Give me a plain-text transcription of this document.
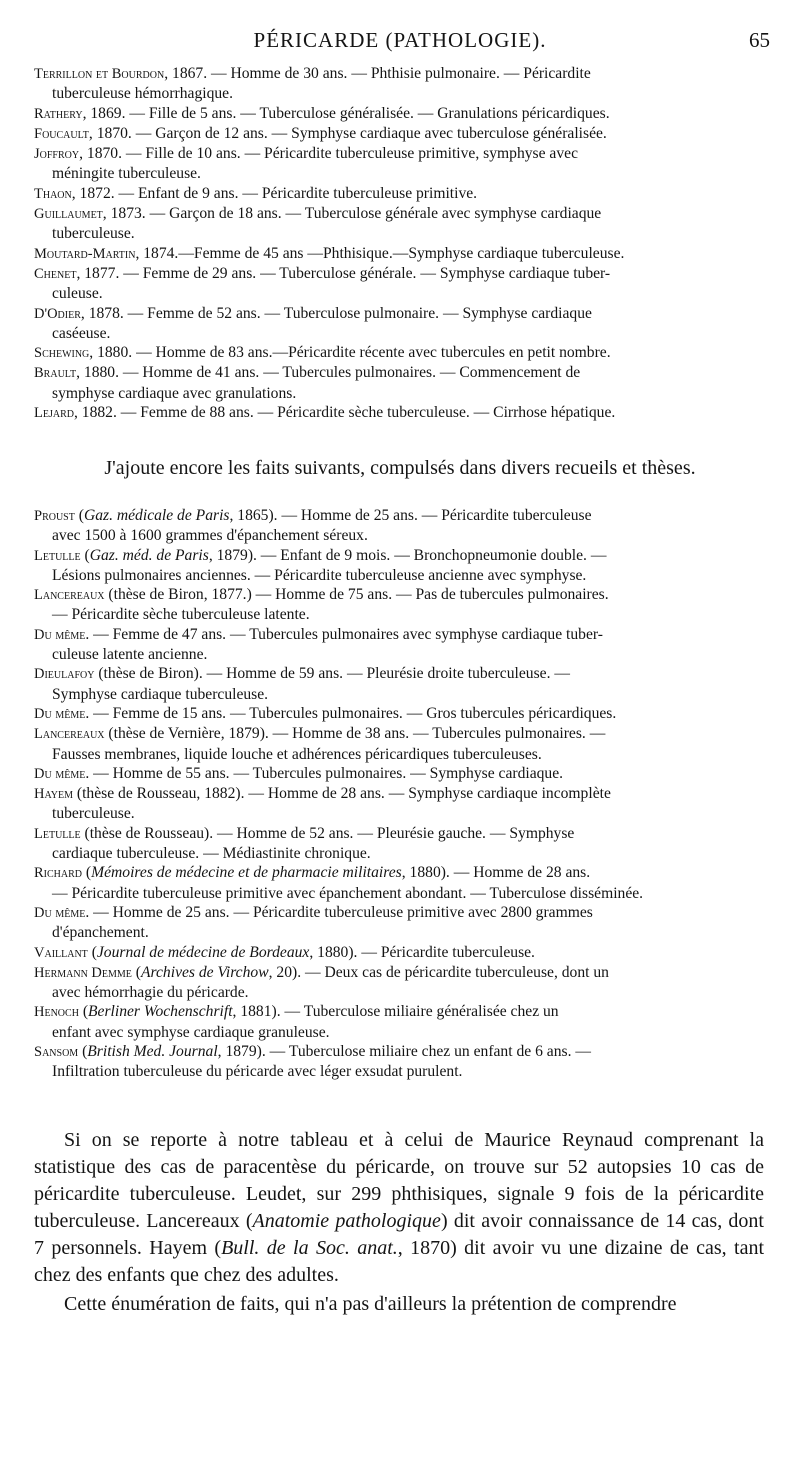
PÉRICARDE (PATHOLOGIE).	65
Terrillon et Bourdon, 1867. — Homme de 30 ans. — Phthisie pulmonaire. — Péricardite
tuberculeuse hémorrhagique.
Rathery, 1869. — Fille de 5 ans. — Tuberculose généralisée. — Granulations péricardiques.
Foucault, 1870. — Garçon de 12 ans. — Symphyse cardiaque avec tuberculose généralisée.
Joffroy, 1870. — Fille de 10 ans. — Péricardite tuberculeuse primitive, symphyse avec
méningite tuberculeuse.
Thaon, 1872. — Enfant de 9 ans. — Péricardite tuberculeuse primitive.
Guillaumet, 1873. — Garçon de 18 ans. — Tuberculose générale avec symphyse cardiaque
tuberculeuse.
Moutard-Martin, 1874.—Femme de 45 ans —Phthisique.—Symphyse cardiaque tuberculeuse.
Chenet, 1877. — Femme de 29 ans. — Tuberculose générale. — Symphyse cardiaque tuber-
culeuse.
D'Odier, 1878. — Femme de 52 ans. — Tuberculose pulmonaire. — Symphyse cardiaque
caséeuse.
Schewing, 1880. — Homme de 83 ans.—Péricardite récente avec tubercules en petit nombre.
Brault, 1880. — Homme de 41 ans. — Tubercules pulmonaires. — Commencement de
symphyse cardiaque avec granulations.
Lejard, 1882. — Femme de 88 ans. — Péricardite sèche tuberculeuse. — Cirrhose hépatique.
J'ajoute encore les faits suivants, compulsés dans divers recueils et thèses.
Proust (Gaz. médicale de Paris, 1865). — Homme de 25 ans. — Péricardite tuberculeuse
avec 1500 à 1600 grammes d'épanchement séreux.
Letulle (Gaz. méd. de Paris, 1879). — Enfant de 9 mois. — Bronchopneumonie double. —
Lésions pulmonaires anciennes. — Péricardite tuberculeuse ancienne avec symphyse.
Lancereaux (thèse de Biron, 1877.) — Homme de 75 ans. — Pas de tubercules pulmonaires.
— Péricardite sèche tuberculeuse latente.
Du même. — Femme de 47 ans. — Tubercules pulmonaires avec symphyse cardiaque tuber-
culeuse latente ancienne.
Dieulafoy (thèse de Biron). — Homme de 59 ans. — Pleurésie droite tuberculeuse. —
Symphyse cardiaque tuberculeuse.
Du même. — Femme de 15 ans. — Tubercules pulmonaires. — Gros tubercules péricardiques.
Lancereaux (thèse de Vernière, 1879). — Homme de 38 ans. — Tubercules pulmonaires. —
Fausses membranes, liquide louche et adhérences péricardiques tuberculeuses.
Du même. — Homme de 55 ans. — Tubercules pulmonaires. — Symphyse cardiaque.
Hayem (thèse de Rousseau, 1882). — Homme de 28 ans. — Symphyse cardiaque incomplète
tuberculeuse.
Letulle (thèse de Rousseau). — Homme de 52 ans. — Pleurésie gauche. — Symphyse
cardiaque tuberculeuse. — Médiastinite chronique.
Richard (Mémoires de médecine et de pharmacie militaires, 1880). — Homme de 28 ans.
— Péricardite tuberculeuse primitive avec épanchement abondant. — Tuberculose disséminée.
Du même. — Homme de 25 ans. — Péricardite tuberculeuse primitive avec 2800 grammes
d'épanchement.
Vaillant (Journal de médecine de Bordeaux, 1880). — Péricardite tuberculeuse.
Hermann Demme (Archives de Virchow, 20). — Deux cas de péricardite tuberculeuse, dont un
avec hémorrhagie du péricarde.
Henoch (Berliner Wochenschrift, 1881). — Tuberculose miliaire généralisée chez un
enfant avec symphyse cardiaque granuleuse.
Sansom (British Med. Journal, 1879). — Tuberculose miliaire chez un enfant de 6 ans. —
Infiltration tuberculeuse du péricarde avec léger exsudat purulent.

Si on se reporte à notre tableau et à celui de Maurice Reynaud comprenant la statistique des cas de paracentèse du péricarde, on trouve sur 52 autopsies 10 cas de péricardite tuberculeuse. Leudet, sur 299 phthisiques, signale 9 fois de la péricardite tuberculeuse. Lancereaux (Anatomie pathologique) dit avoir connaissance de 14 cas, dont 7 personnels. Hayem (Bull. de la Soc. anat., 1870) dit avoir vu une dizaine de cas, tant chez des enfants que chez des adultes.

Cette énumération de faits, qui n'a pas d'ailleurs la prétention de comprendre
